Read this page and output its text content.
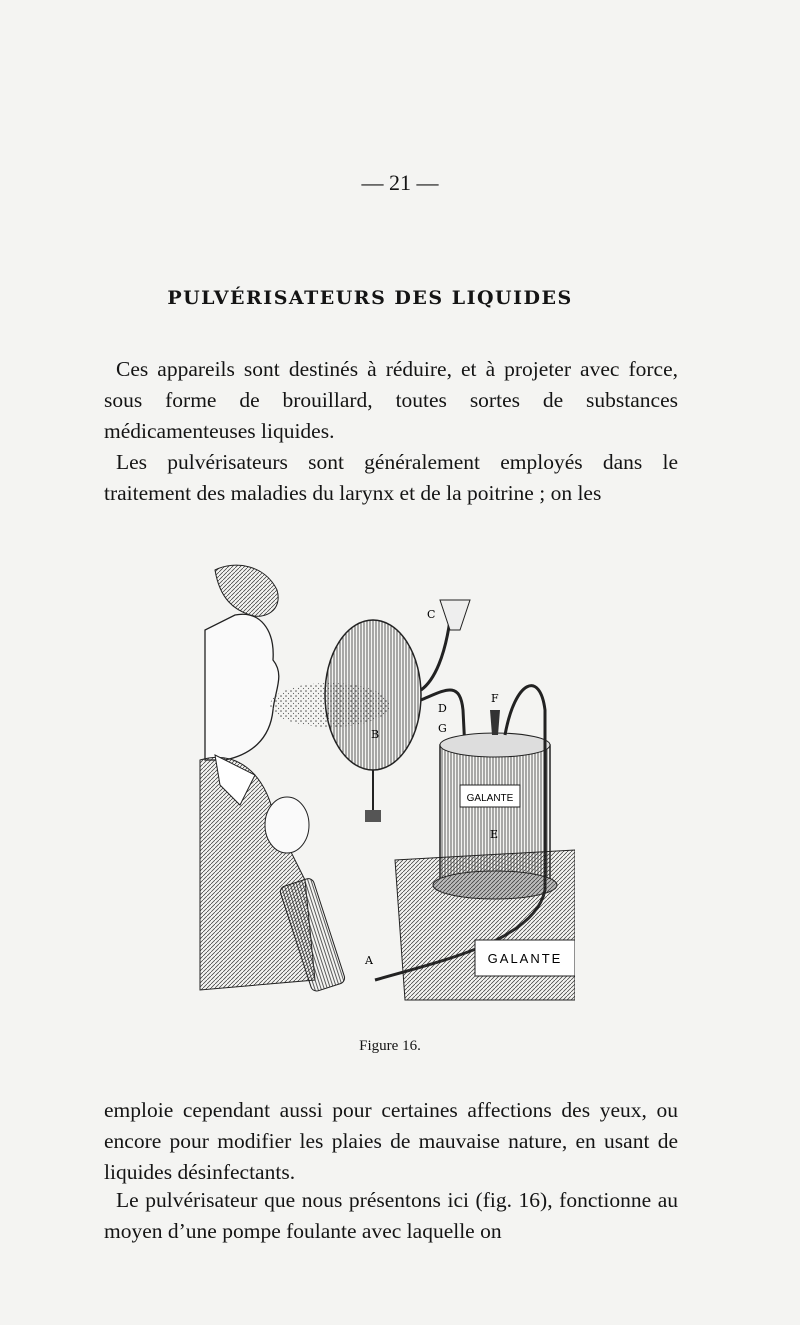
— 21 —
PULVÉRISATEURS DES LIQUIDES

Ces appareils sont destinés à réduire, et à projeter avec force, sous forme de brouillard, toutes sortes de substances médicamenteuses liquides.

Les pulvérisateurs sont généralement employés dans le traitement des maladies du larynx et de la poitrine ; on les

GALANTE
GALANTE
C
D
G
F
B
E
A
Figure 16.

emploie cependant aussi pour certaines affections des yeux, ou encore pour modifier les plaies de mauvaise nature, en usant de liquides désinfectants.

Le pulvérisateur que nous présentons ici (fig. 16), fonctionne au moyen d’une pompe foulante avec laquelle on
